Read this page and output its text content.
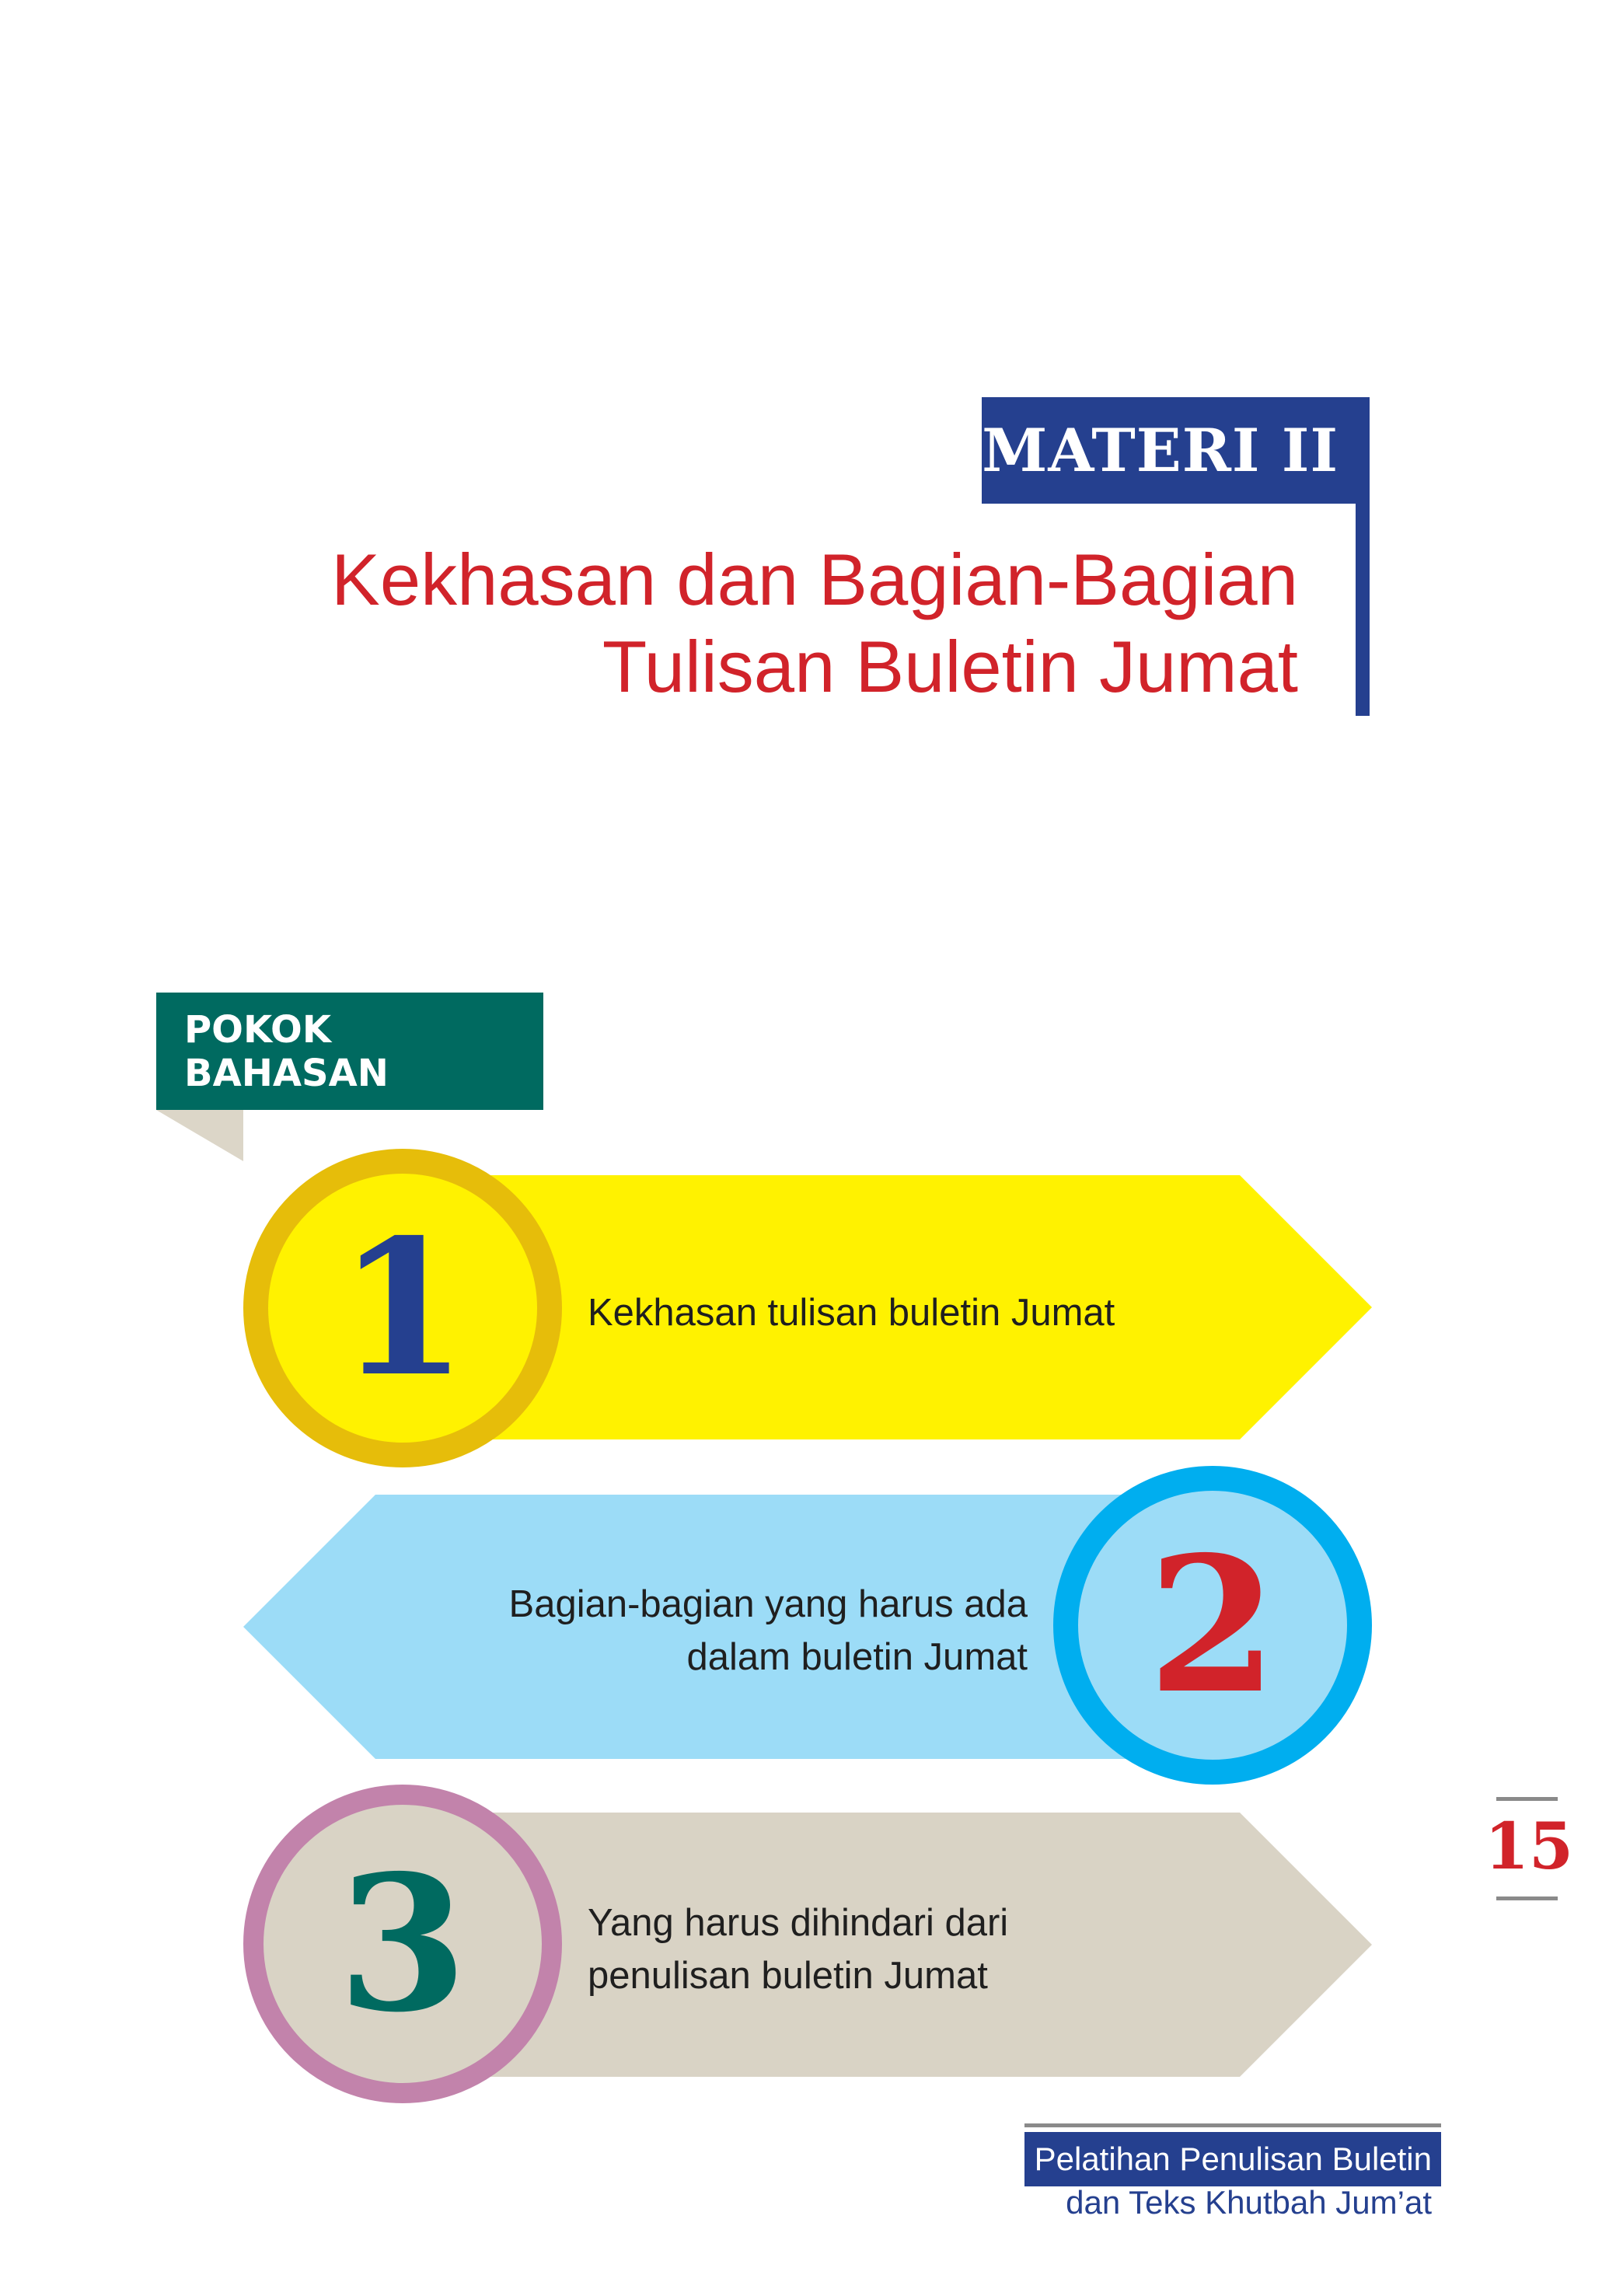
MATERI II
Kekhasan dan Bagian-Bagian
Tulisan Buletin Jumat
POKOK BAHASAN
1	Kekhasan tulisan buletin Jumat
2
Bagian-bagian yang harus ada
dalam buletin Jumat
3	Yang harus dihindari dari
penulisan buletin Jumat
15
Pelatihan Penulisan Buletin
dan Teks Khutbah Jum’at
